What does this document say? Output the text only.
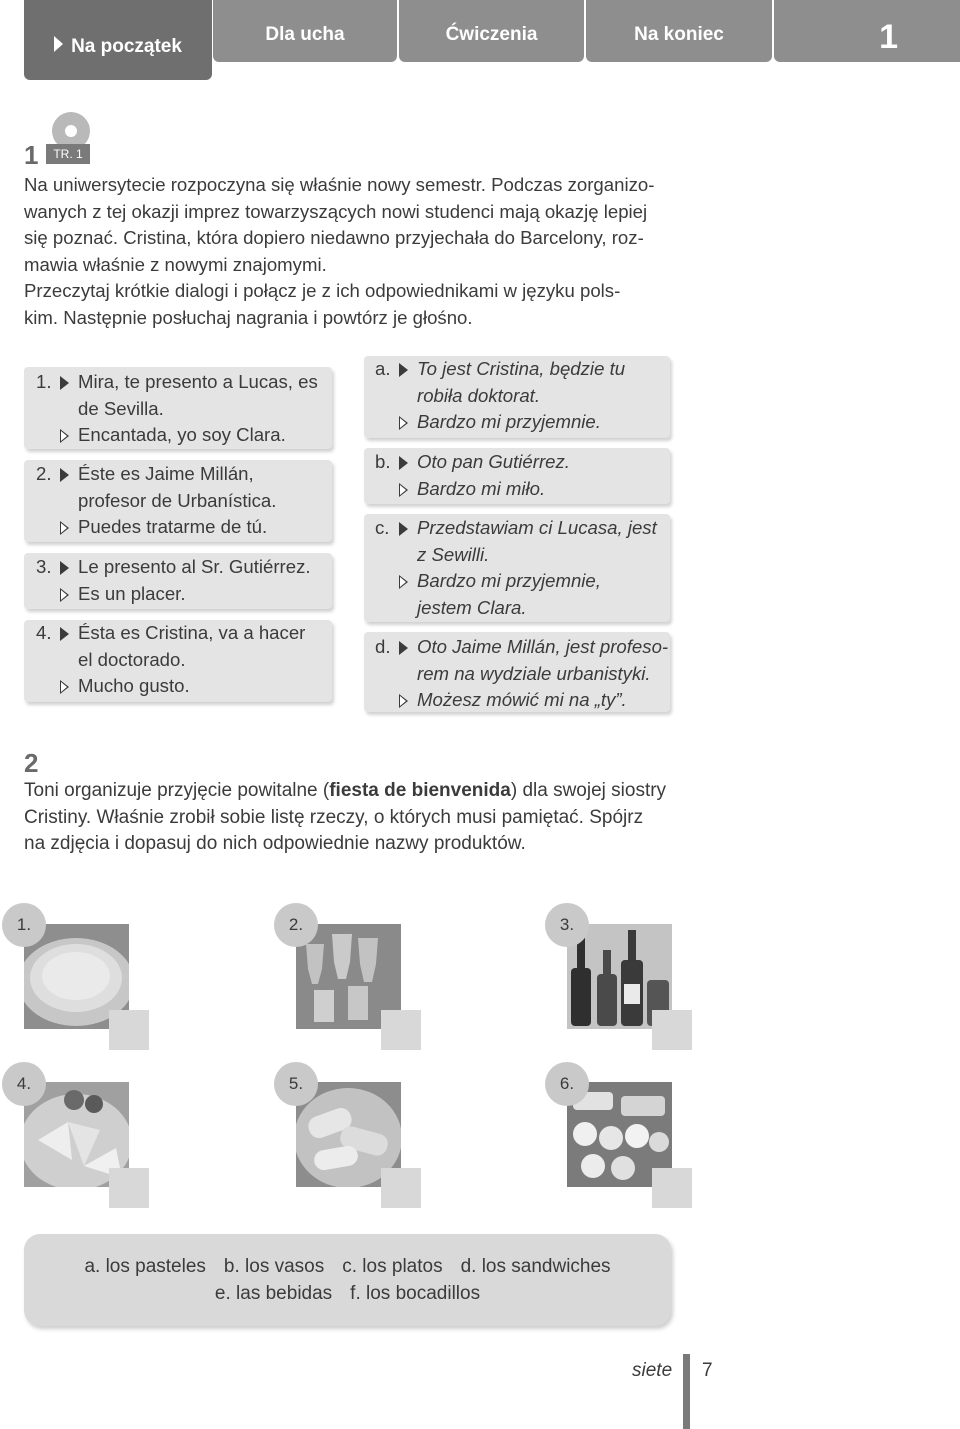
Na początek
Dla ucha	Ćwiczenia	Na koniec	1
1	TR. 1

Na uniwersytecie rozpoczyna się właśnie nowy semestr. Podczas zorganizo-

wanych z tej okazji imprez towarzyszących nowi studenci mają okazję lepiej

się poznać. Cristina, która dopiero niedawno przyjechała do Barcelony, roz-

mawia właśnie z nowymi znajomymi.

Przeczytaj krótkie dialogi i połącz je z ich odpowiednikami w języku pols-

kim. Następnie posłuchaj nagrania i powtórz je głośno.

1.	Mira, te presento a Lucas, es
de Sevilla.
Encantada, yo soy Clara.
2.	Éste es Jaime Millán,
profesor de Urbanística.
Puedes tratarme de tú.
3.	Le presento al Sr. Gutiérrez.
Es un placer.
4.	Ésta es Cristina, va a hacer
el doctorado.
Mucho gusto.
a.	To jest Cristina, będzie tu
robiła doktorat.
Bardzo mi przyjemnie.
b.	Oto pan Gutiérrez.
Bardzo mi miło.
c.	Przedstawiam ci Lucasa, jest
z Sewilli.
Bardzo mi przyjemnie,
jestem Clara.
d.	Oto Jaime Millán, jest profeso-
rem na wydziale urbanistyki.
Możesz mówić mi na „ty”.
2

Toni organizuje przyjęcie powitalne (fiesta de bienvenida) dla swojej siostry

Cristiny. Właśnie zrobił sobie listę rzeczy, o których musi pamiętać. Spójrz

na zdjęcia i dopasuj do nich odpowiednie nazwy produktów.

1.	2.	3.
4.	5.	6.
a. los pasteles b. los vasos c. los platos d. los sandwiches
e. las bebidas f. los bocadillos
siete 7
